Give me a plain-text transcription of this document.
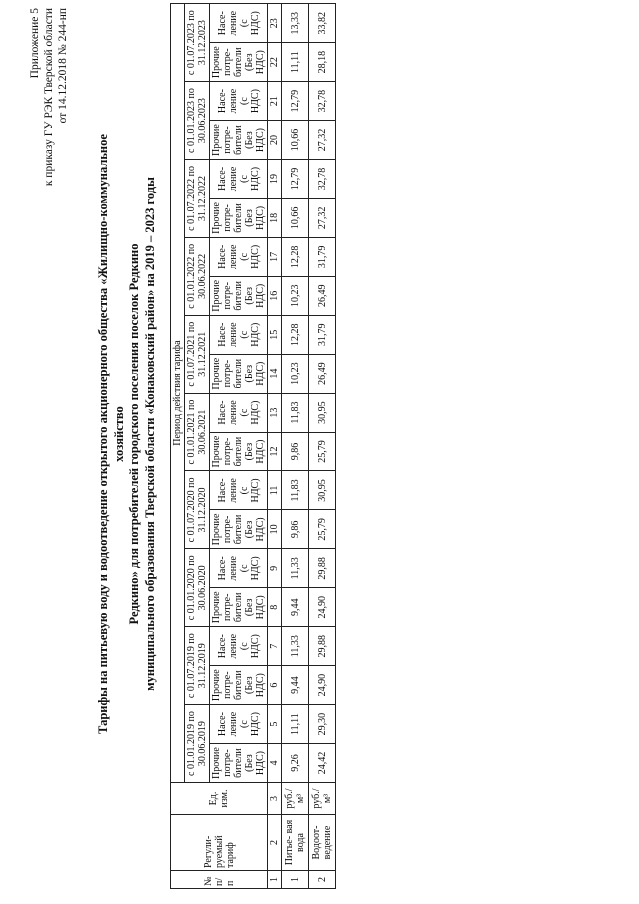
Приложение 5 к приказу ГУ РЭК Тверской области от 14.12.2018 № 244-нп
Тарифы на питьевую воду и водоотведение открытого акционерного общества «Жилищно-коммунальное хозяйство Редкино» для потребителей городского поселения поселок Редкино муниципального образования Тверской области «Конаковский район» на 2019 – 2023 годы
№ п/п	Регули- руемый тариф	Ед. изм.	Период действия тарифа																			
			с 01.01.2019 по 30.06.2019		с 01.07.2019 по 31.12.2019		с 01.01.2020 по 30.06.2020		с 01.07.2020 по 31.12.2020		с 01.01.2021 по 30.06.2021		с 01.07.2021 по 31.12.2021		с 01.01.2022 по 30.06.2022		с 01.07.2022 по 31.12.2022		с 01.01.2023 по 30.06.2023		с 01.07.2023 по 31.12.2023	
			Прочие потре- бители (Без НДС)	Насе- ление (с НДС)	Прочие потре- бители (Без НДС)	Насе- ление (с НДС)	Прочие потре- бители (Без НДС)	Насе- ление (с НДС)	Прочие потре- бители (Без НДС)	Насе- ление (с НДС)	Прочие потре- бители (Без НДС)	Насе- ление (с НДС)	Прочие потре- бители (Без НДС)	Насе- ление (с НДС)	Прочие потре- бители (Без НДС)	Насе- ление (с НДС)	Прочие потре- бители (Без НДС)	Насе- ление (с НДС)	Прочие потре- бители (Без НДС)	Насе- ление (с НДС)	Прочие потре- бители (Без НДС)	Насе- ление (с НДС)
1	2	3	4	5	6	7	8	9	10	11	12	13	14	15	16	17	18	19	20	21	22	23
1	Питье- вая вода	руб./м³	9,26	11,11	9,44	11,33	9,44	11,33	9,86	11,83	9,86	11,83	10,23	12,28	10,23	12,28	10,66	12,79	10,66	12,79	11,11	13,33
2	Водоот- ведение	руб./м³	24,42	29,30	24,90	29,88	24,90	29,88	25,79	30,95	25,79	30,95	26,49	31,79	26,49	31,79	27,32	32,78	27,32	32,78	28,18	33,82
